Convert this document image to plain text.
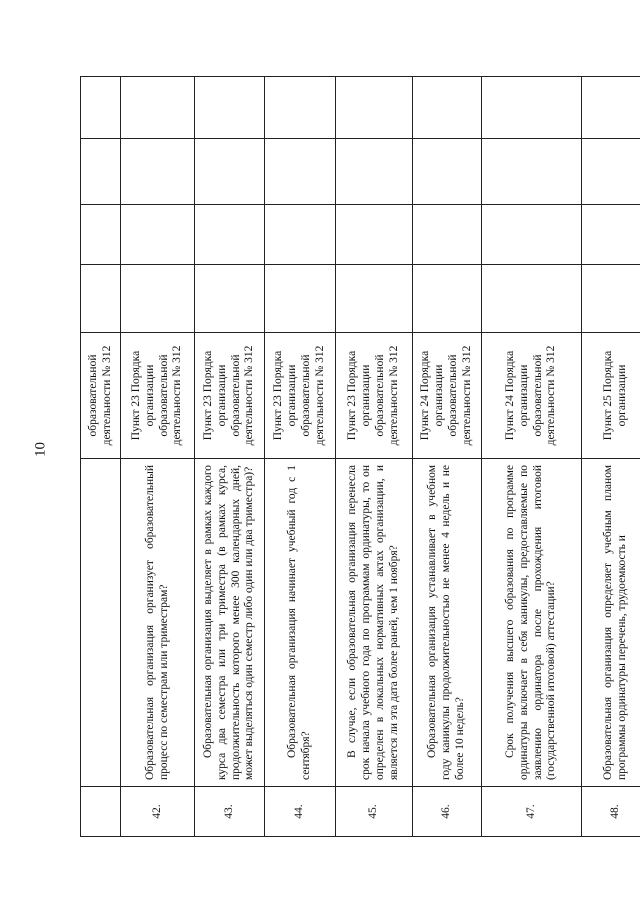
10
		образовательной деятельности № 312				
42.	Образовательная организация организует образовательный процесс по семестрам или триместрам?	Пункт 23 Порядка организации образовательной деятельности № 312				
43.	Образовательная организация выделяет в рамках каждого курса два семестра или три триместра (в рамках курса, продолжительность которого менее 300 календарных дней, может выделяться один семестр либо один или два триместра)?	Пункт 23 Порядка организации образовательной деятельности № 312				
44.	Образовательная организация начинает учебный год с 1 сентября?	Пункт 23 Порядка организации образовательной деятельности № 312				
45.	В случае, если образовательная организация перенесла срок начала учебного года по программам ординатуры, то он определен в локальных нормативных актах организации, и является ли эта дата более раней, чем 1 ноября?	Пункт 23 Порядка организации образовательной деятельности № 312				
46.	Образовательная организация устанавливает в учебном году каникулы продолжительностью не менее 4 недель и не более 10 недель?	Пункт 24 Порядка организации образовательной деятельности № 312				
47.	Срок получения высшего образования по программе ординатуры включает в себя каникулы, предоставляемые по заявлению ординатора после прохождения итоговой (государственной итоговой) аттестации?	Пункт 24 Порядка организации образовательной деятельности № 312				
48.	Образовательная организация определяет учебным планом программы ординатуры перечень, трудоемкость и	Пункт 25 Порядка организации				
